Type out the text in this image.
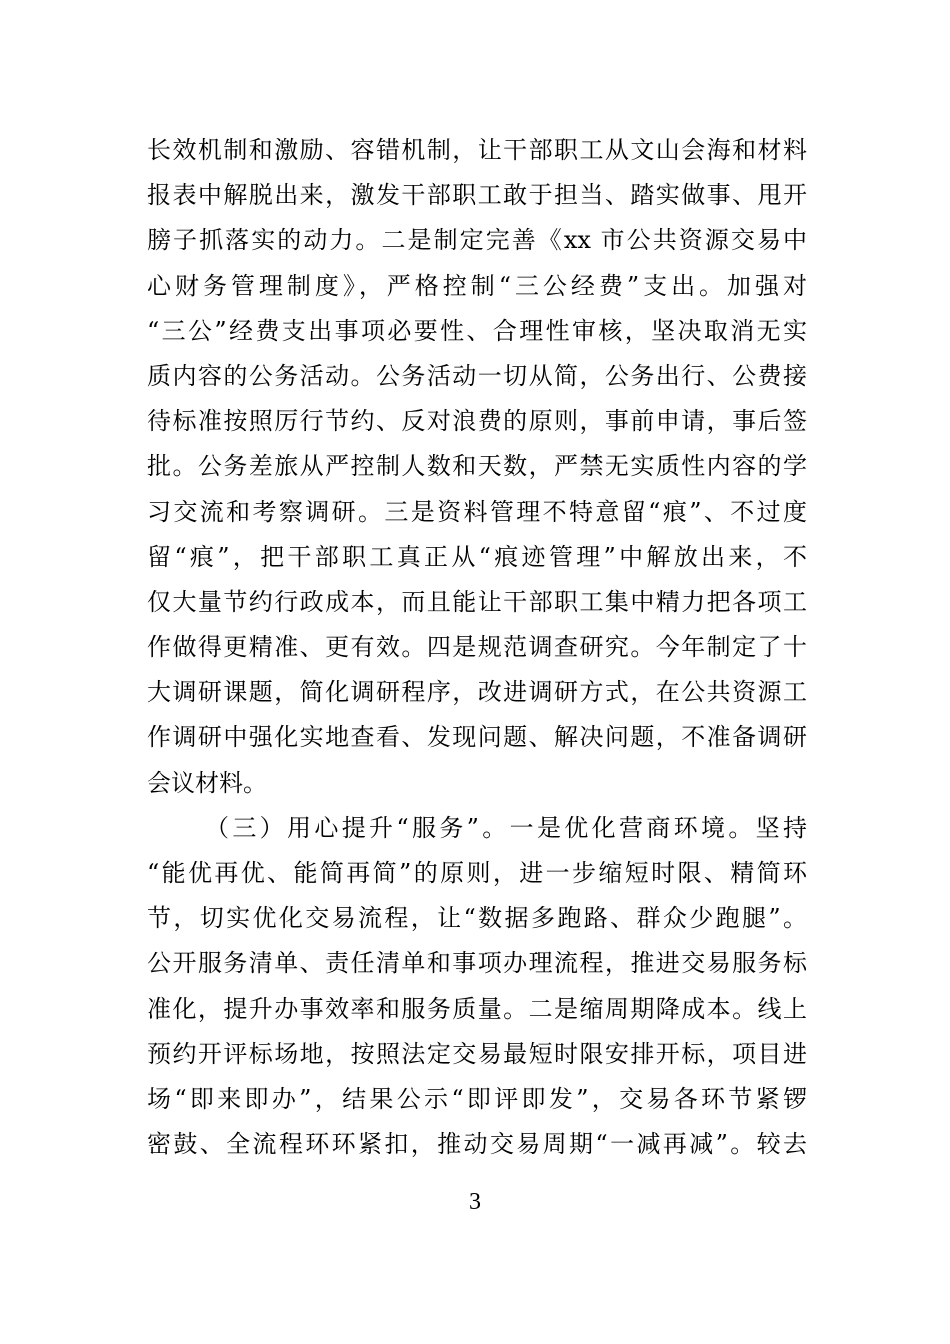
长效机制和激励、容错机制，让干部职工从文山会海和材料
报表中解脱出来，激发干部职工敢于担当、踏实做事、甩开
膀子抓落实的动力。二是制定完善《xx 市公共资源交易中
心财务管理制度》，严格控制“三公经费”支出。加强对
“三公”经费支出事项必要性、合理性审核，坚决取消无实
质内容的公务活动。公务活动一切从简，公务出行、公费接
待标准按照厉行节约、反对浪费的原则，事前申请，事后签
批。公务差旅从严控制人数和天数，严禁无实质性内容的学
习交流和考察调研。三是资料管理不特意留“痕”、不过度
留“痕”，把干部职工真正从“痕迹管理”中解放出来，不
仅大量节约行政成本，而且能让干部职工集中精力把各项工
作做得更精准、更有效。四是规范调查研究。今年制定了十
大调研课题，简化调研程序，改进调研方式，在公共资源工
作调研中强化实地查看、发现问题、解决问题，不准备调研
会议材料。
（三）用心提升“服务”。一是优化营商环境。坚持
“能优再优、能简再简”的原则，进一步缩短时限、精简环
节，切实优化交易流程，让“数据多跑路、群众少跑腿”。
公开服务清单、责任清单和事项办理流程，推进交易服务标
准化，提升办事效率和服务质量。二是缩周期降成本。线上
预约开评标场地，按照法定交易最短时限安排开标，项目进
场“即来即办”，结果公示“即评即发”，交易各环节紧锣
密鼓、全流程环环紧扣，推动交易周期“一减再减”。较去
3
